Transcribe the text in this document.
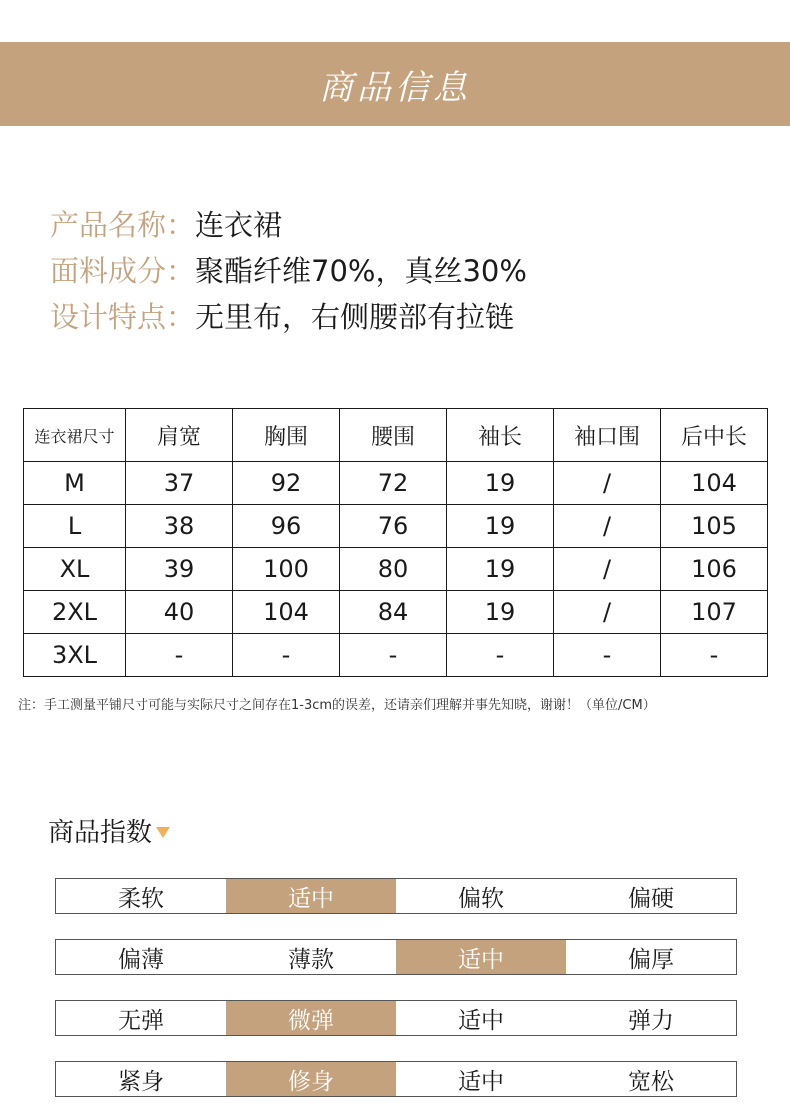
商品信息
产品名称： 连衣裙
面料成分： 聚酯纤维70%，真丝30%
设计特点： 无里布，右侧腰部有拉链
连衣裙尺寸	肩宽	胸围	腰围	袖长	袖口围	后中长
M	37	92	72	19	/	104
L	38	96	76	19	/	105
XL	39	100	80	19	/	106
2XL	40	104	84	19	/	107
3XL	-	-	-	-	-	-
注：手工测量平铺尺寸可能与实际尺寸之间存在1-3cm的误差，还请亲们理解并事先知晓，谢谢！（单位/CM）
商品指数
柔软	适中	偏软	偏硬
偏薄	薄款	适中	偏厚
无弹	微弹	适中	弹力
紧身	修身	适中	宽松
